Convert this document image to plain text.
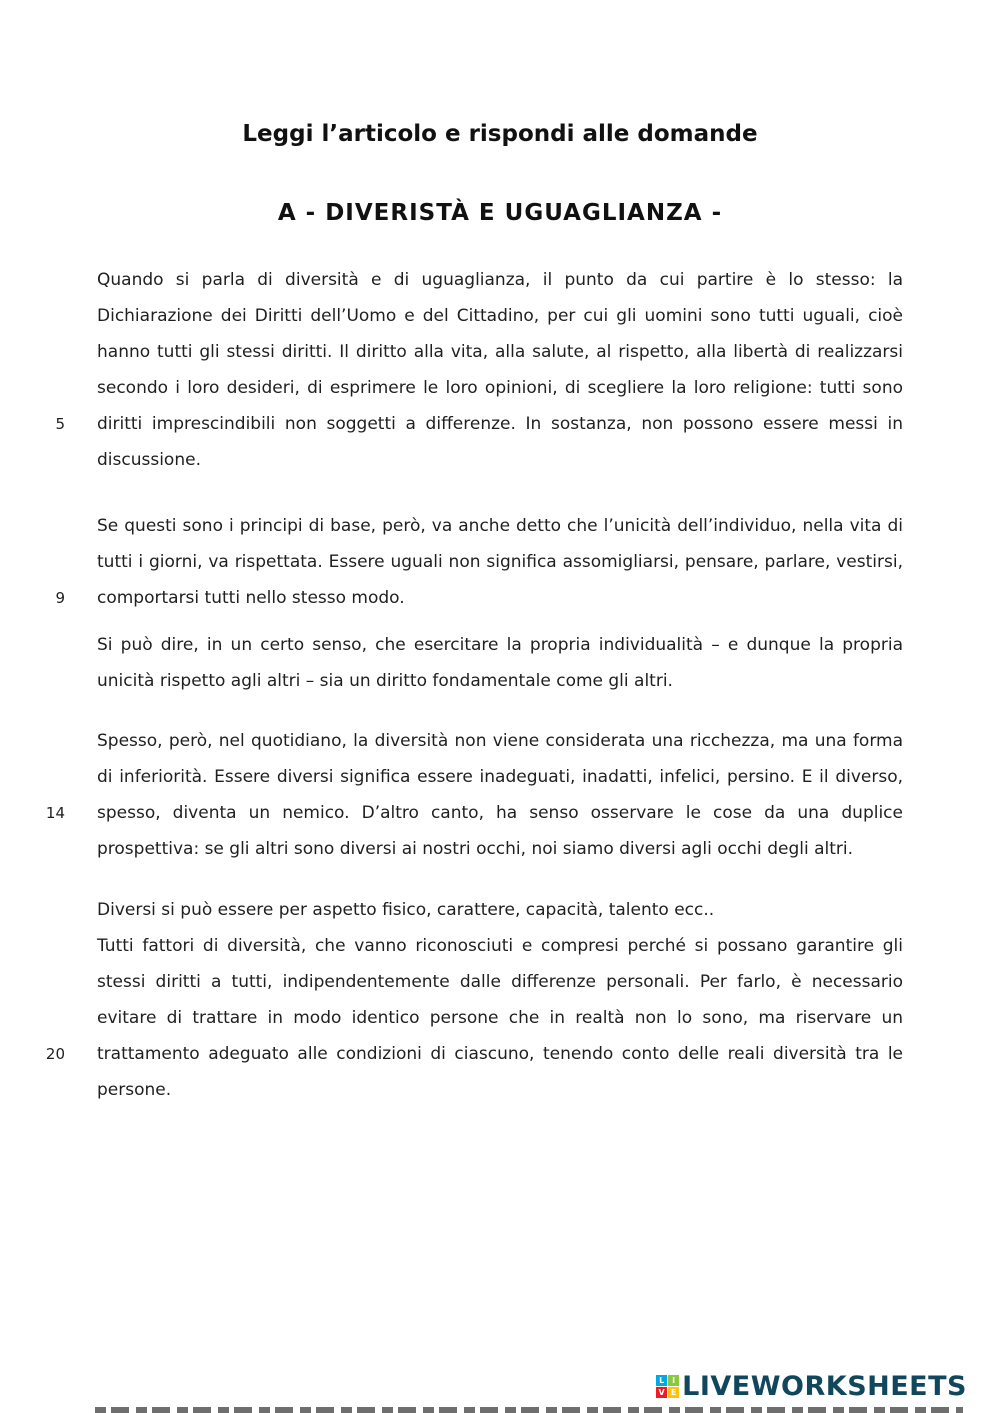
Leggi l’articolo e rispondi alle domande
A - DIVERISTÀ E UGUAGLIANZA -
5
9
14
20

Quando si parla di diversità e di uguaglianza, il punto da cui partire è lo stesso: la Dichiarazione dei Diritti dell’Uomo e del Cittadino, per cui gli uomini sono tutti uguali, cioè hanno tutti gli stessi diritti. Il diritto alla vita, alla salute, al rispetto, alla libertà di realizzarsi secondo i loro desideri, di esprimere le loro opinioni, di scegliere la loro religione: tutti sono diritti imprescindibili non soggetti a differenze. In sostanza, non possono essere messi in discussione.

Se questi sono i principi di base, però, va anche detto che l’unicità dell’individuo, nella vita di tutti i giorni, va rispettata. Essere uguali non significa assomigliarsi, pensare, parlare, vestirsi, comportarsi tutti nello stesso modo.

Si può dire, in un certo senso, che esercitare la propria individualità – e dunque la propria unicità rispetto agli altri – sia un diritto fondamentale come gli altri.

Spesso, però, nel quotidiano, la diversità non viene considerata una ricchezza, ma una forma di inferiorità. Essere diversi significa essere inadeguati, inadatti, infelici, persino. E il diverso, spesso, diventa un nemico. D’altro canto, ha senso osservare le cose da una duplice prospettiva: se gli altri sono diversi ai nostri occhi, noi siamo diversi agli occhi degli altri.

Diversi si può essere per aspetto fisico, carattere, capacità, talento ecc..

Tutti fattori di diversità, che vanno riconosciuti e compresi perché si possano garantire gli stessi diritti a tutti, indipendentemente dalle differenze personali. Per farlo, è necessario evitare di trattare in modo identico persone che in realtà non lo sono, ma riservare un trattamento adeguato alle condizioni di ciascuno, tenendo conto delle reali diversità tra le persone.

L I
V E LIVEWORKSHEETS
